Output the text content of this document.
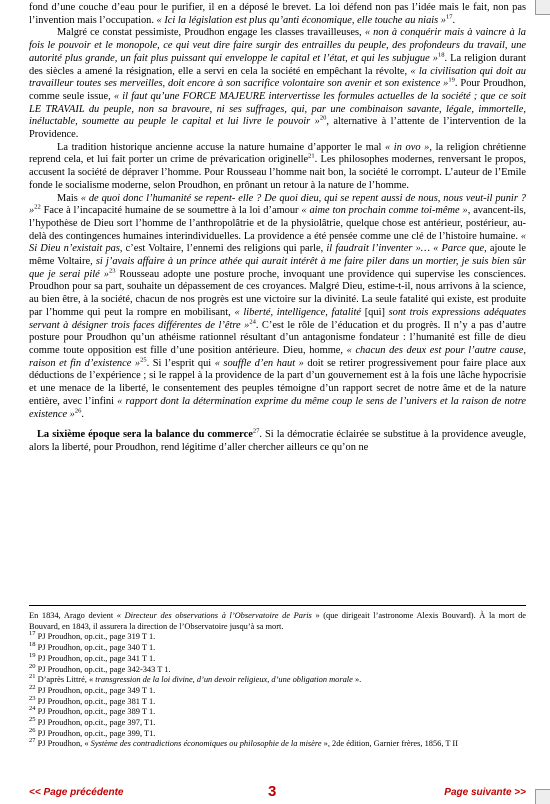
fond d’une couche d’eau pour le purifier, il en a déposé le brevet. La loi défend non pas l’idée mais le fait, non pas l’invention mais l’occupation. « Ici la législation est plus qu’anti économique, elle touche au niais »$^{17}$.

Malgré ce constat pessimiste, Proudhon engage les classes travailleuses, « non à conquérir mais à vaincre à la fois le pouvoir et le monopole, ce qui veut dire faire surgir des entrailles du peuple, des profondeurs du travail, une autorité plus grande, un fait plus puissant qui enveloppe le capital et l’état, et qui les subjugue »$^{18}$. La religion durant des siècles a amené la résignation, elle a servi en cela la société en empêchant la révolte, « la civilisation qui doit au travailleur toutes ses merveilles, doit encore à son sacrifice volontaire son avenir et son existence »$^{19}$. Pour Proudhon, comme seule issue, « il faut qu’une FORCE MAJEURE intervertisse les formules actuelles de la société ; que ce soit LE TRAVAIL du peuple, non sa bravoure, ni ses suffrages, qui, par une combinaison savante, légale, immortelle, inéluctable, soumette au peuple le capital et lui livre le pouvoir »$^{20}$, alternative à l’attente de l’intervention de la Providence.

La tradition historique ancienne accuse la nature humaine d’apporter le mal « in ovo », la religion chrétienne reprend cela, et lui fait porter un crime de prévarication originelle$^{21}$. Les philosophes modernes, renversant le propos, accusent la société de dépraver l’homme. Pour Rousseau l’homme nait bon, la société le corrompt. L’auteur de l’Emile fonde le socialisme moderne, selon Proudhon, en prônant un retour à la nature de l’homme.

Mais « de quoi donc l’humanité se repent- elle ? De quoi dieu, qui se repent aussi de nous, nous veut-il punir ? »$^{22}$ Face à l’incapacité humaine de se soumettre à la loi d’amour « aime ton prochain comme toi-même », avancent-ils, l’hypothèse de Dieu sort l’homme de l’anthropolâtrie et de la physiolâtrie, quelque chose est antérieur, postérieur, au-delà des contingences humaines interindividuelles. La providence a été pensée comme une clé de l’histoire humaine. « Si Dieu n’existait pas, c’est Voltaire, l’ennemi des religions qui parle, il faudrait l’inventer »… « Parce que, ajoute le même Voltaire, si j’avais affaire à un prince athée qui aurait intérêt à me faire piler dans un mortier, je suis bien sûr que je serai pilé »$^{23}$ Rousseau adopte une posture proche, invoquant une providence qui supervise les consciences. Proudhon pour sa part, souhaite un dépassement de ces croyances. Malgré Dieu, estime-t-il, nous arrivons à la science, au bien être, à la société, chacun de nos progrès est une victoire sur la divinité. La seule fatalité qui existe, est produite par l’homme qui peut la rompre en mobilisant, « liberté, intelligence, fatalité [qui] sont trois expressions adéquates servant à désigner trois faces différentes de l’être »$^{24}$. C’est le rôle de l’éducation et du progrès. Il n’y a pas d’autre posture pour Proudhon qu’un athéisme rationnel résultant d’un antagonisme fondateur : l’humanité est fille de dieu comme toute opposition est fille d’une position antérieure. Dieu, homme, « chacun des deux est pour l’autre cause, raison et fin d’existence »$^{25}$. Si l’esprit qui « souffle d’en haut » doit se retirer progressivement pour faire place aux déductions de l’expérience ; si le rappel à la providence de la part d’un gouvernement est à la fois une lâche hypocrisie et une menace de la liberté, le consentement des peuples témoigne d’un rapport secret de notre âme et de la nature entière, avec l’infini « rapport dont la détermination exprime du même coup le sens de l’univers et la raison de notre existence »$^{26}$.

La sixième époque sera la balance du commerce$^{27}$. Si la démocratie éclairée se substitue à la providence aveugle, alors la liberté, pour Proudhon, rend légitime d’aller chercher ailleurs ce qu’on ne

En 1834, Arago devient « Directeur des observations à l’Observatoire de Paris » (que dirigeait l’astronome Alexis Bouvard). À la mort de Bouvard, en 1843, il assurera la direction de l’Observatoire jusqu’à sa mort.
$^{17}$ PJ Proudhon, op.cit., page 319 T 1.
$^{18}$ PJ Proudhon, op.cit., page 340 T 1.
$^{19}$ PJ Proudhon, op.cit., page 341 T 1.
$^{20}$ PJ Proudhon, op.cit., page 342-343 T 1.
$^{21}$ D’après Littré, « transgression de la loi divine, d’un devoir religieux, d’une obligation morale ».
$^{22}$ PJ Proudhon, op.cit., page 349 T 1.
$^{23}$ PJ Proudhon, op.cit., page 381 T 1.
$^{24}$ PJ Proudhon, op.cit., page 389 T 1.
$^{25}$ PJ Proudhon, op.cit., page 397, T1.
$^{26}$ PJ Proudhon, op.cit., page 399, T1.
$^{27}$ PJ Proudhon, « Système des contradictions économiques ou philosophie de la misère », 2de édition, Garnier frères, 1856, T II
<< Page précédente	3	Page suivante >>
